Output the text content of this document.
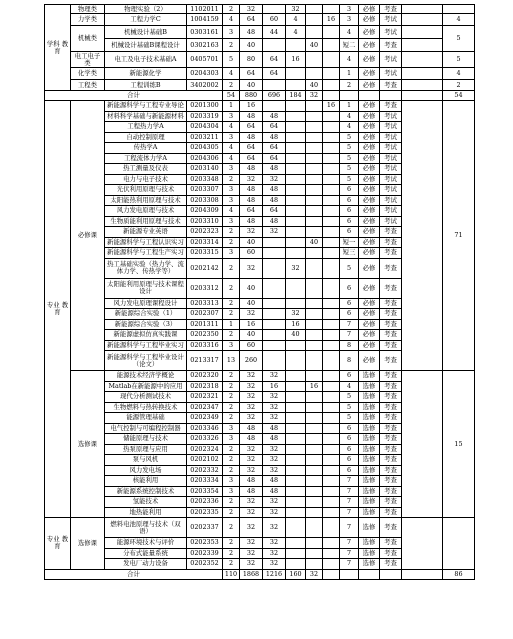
学科 教育	物理类	物理实验（2）	1102011	2	32		32			3	必修	考查		
	力学类	工程力学C	1004159	4	64	60	4		16	3	必修	考试		4
	机械类	机械设计基础B	0303161	3	48	44	4			4	必修	考试		5
		机械设计基础B课程设计	0302163	2	40			40		短二	必修	考查		
	电工电子类	电工及电子技术基础A	0405701	5	80	64	16			4	必修	考试		5
	化学类	新能源化学	0204303	4	64	64				1	必修	考试		4
	工程类	工程训练B	3402002	2	40			40		2	必修	考查		2
合计				54	880	696	184	32						54
专业 教育	必修课	新能源科学与工程专业导论	0201300	1	16				16	1	必修	考查		71
		材料科学基础与新能源材料	0203319	3	48	48				4	必修	考试		
		工程热力学A	0204304	4	64	64				4	必修	考试		
		自动控制原理	0203211	3	48	48				5	必修	考试		
		传热学A	0204305	4	64	64				5	必修	考试		
		工程流体力学A	0204306	4	64	64				5	必修	考试		
		热工测量及仪表	0203140	3	48	48				5	必修	考试		
		电力与电子技术	0203348	2	32	32				5	必修	考试		
		光伏利用原理与技术	0203307	3	48	48				6	必修	考试		
		太阳能热利用原理与技术	0203308	3	48	48				6	必修	考试		
		风力发电原理与技术	0204309	4	64	64				6	必修	考试		
		生物质能利用原理与技术	0203310	3	48	48				6	必修	考试		
		新能源专业英语	0202323	2	32	32				6	必修	考查		
		新能源科学与工程认识实习	0203314	2	40			40		短一	必修	考查		
		新能源科学与工程生产实习	0203315	3	60					短三	必修	考查		
		热工基础实验（热力学、流体力学、传热学等）	0202142	2	32		32			5	必修	考查		
		太阳能利用原理与技术课程设计	0203312	2	40					6	必修	考查		
		风力发电原理课程设计	0203313	2	40					6	必修	考查		
		新能源综合实验（1）	0202307	2	32		32			6	必修	考查		
		新能源综合实验（3）	0201311	1	16		16			7	必修	考查		
		新能源虚拟仿真实践课	0202350	2	40		40			7	必修	考查		
		新能源科学与工程毕业实习	0203316	3	60					8	必修	考查		
		新能源科学与工程毕业设计（论文）	0213317	13	260					8	必修	考查		
	选修课	能源技术经济学概论	0202320	2	32	32				6	选修	考查		15
		Matlab在新能源中的应用	0202318	2	32	16		16		4	选修	考查		
		现代分析测试技术	0202321	2	32	32				5	选修	考查		
		生物燃料与热转换技术	0202347	2	32	32				5	选修	考查		
		能源管理基础	0202349	2	32	32				5	选修	考查		
		电气控制与可编程控制器	0203346	3	48	48				6	选修	考查		
		储能原理与技术	0203326	3	48	48				6	选修	考查		
		热泵原理与应用	0202324	2	32	32				6	选修	考查		
		泵与风机	0202102	2	32	32				6	选修	考查		
		风力发电场	0202332	2	32	32				6	选修	考查		
		核能利用	0203334	3	48	48				7	选修	考查		
		新能源系统控制技术	0203354	3	48	48				7	选修	考查		
		氢能技术	0202336	2	32	32				7	选修	考查		
		地热能利用	0202335	2	32	32				7	选修	考查		
专业 教育	选修课	燃料电池原理与技术（双语）	0202337	2	32	32				7	选修	考查		
		能源环境技术与评价	0202353	2	32	32				7	选修	考查		
		分布式能量系统	0202339	2	32	32				7	选修	考查		
		发电厂动力设备	0202352	2	32	32				7	选修	考查		
合计				110	1868	1216	160	32						86
